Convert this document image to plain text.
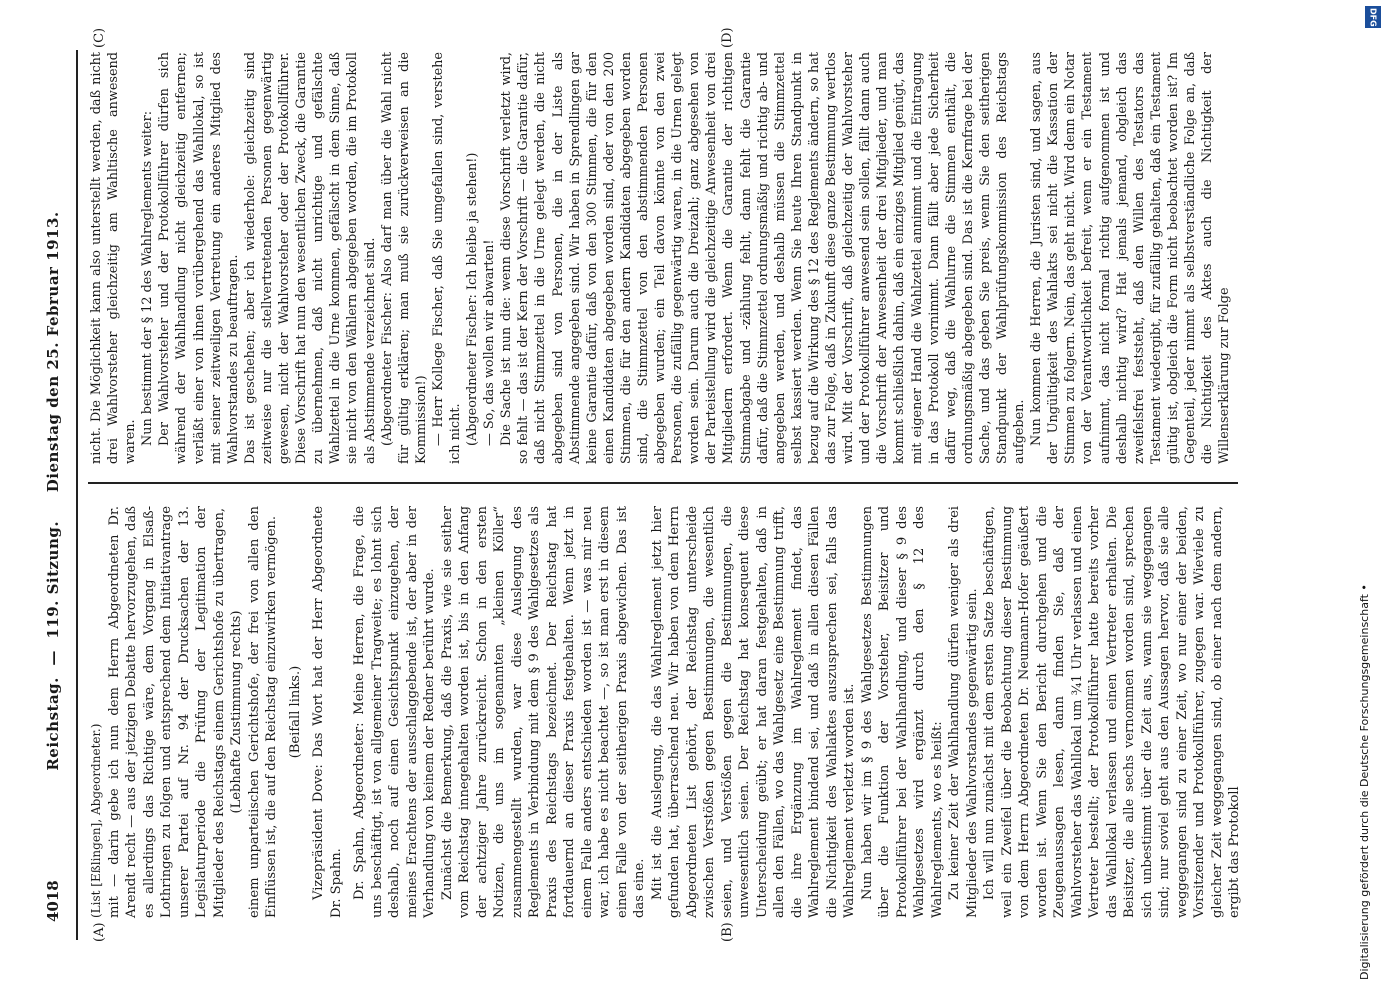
4018
Reichstag.  —  119. Sitzung.     Dienstag den 25. Februar 1913.
(A)	(B)
(C)	(D)

(List [Eßlingen], Abgeordneter.) mit — darin gebe ich nun dem Herrn Abgeordneten Dr. Arendt recht — aus der jetzigen Debatte hervorzugehen, daß es allerdings das Richtige wäre, dem Vorgang in Elsaß-Lothringen zu folgen und entsprechend dem Initiativantrage unserer Partei auf Nr. 94 der Drucksachen der 13. Legislaturperiode die Prüfung der Legitimation der Mitglieder des Reichstags einem Gerichtshofe zu übertragen, (Lebhafte Zustimmung rechts) einem unparteiischen Gerichtshofe, der frei von allen den Einflüssen ist, die auf den Reichstag einzuwirken vermögen. (Beifall links.) Vizepräsident Dove: Das Wort hat der Herr Abgeordnete Dr. Spahn. Dr. Spahn, Abgeordneter: Meine Herren, die Frage, die uns beschäftigt, ist von allgemeiner Tragweite; es lohnt sich deshalb, noch auf einen Gesichtspunkt einzugehen, der meines Erachtens der ausschlaggebende ist, der aber in der Verhandlung von keinem der Redner berührt wurde. Zunächst die Bemerkung, daß die Praxis, wie sie seither vom Reichstag innegehalten worden ist, bis in den Anfang der achtziger Jahre zurückreicht. Schon in den ersten Notizen, die uns im sogenannten „kleinen Köller“ zusammengestellt wurden, war diese Auslegung des Reglements in Verbindung mit dem § 9 des Wahlgesetzes als Praxis des Reichstags bezeichnet. Der Reichstag hat fortdauernd an dieser Praxis festgehalten. Wenn jetzt in einem Falle anders entschieden worden ist — was mir neu war, ich habe es nicht beachtet —, so ist man erst in diesem einen Falle von der seitherigen Praxis abgewichen. Das ist das eine. Mit ist die Auslegung, die das Wahlreglement jetzt hier gefunden hat, überraschend neu. Wir haben von dem Herrn Abgeordneten List gehört, der Reichstag unterscheide zwischen Verstößen gegen Bestimmungen, die wesentlich seien, und Verstößen gegen die Bestimmungen, die unwesentlich seien. Der Reichstag hat konsequent diese Unterscheidung geübt; er hat daran festgehalten, daß in allen den Fällen, wo das Wahlgesetz eine Bestimmung trifft, die ihre Ergänzung im Wahlreglement findet, das Wahlreglement bindend sei, und daß in allen diesen Fällen die Nichtigkeit des Wahlaktes auszusprechen sei, falls das Wahlreglement verletzt worden ist. Nun haben wir im § 9 des Wahlgesetzes Bestimmungen über die Funktion der Vorsteher, Beisitzer und Protokollführer bei der Wahlhandlung, und dieser § 9 des Wahlgesetzes wird ergänzt durch den § 12 des Wahlreglements, wo es heißt: Zu keiner Zeit der Wahlhandlung dürfen weniger als drei Mitglieder des Wahlvorstandes gegenwärtig sein. Ich will nun zunächst mit dem ersten Satze beschäftigen, weil ein Zweifel über die Beobachtung dieser Bestimmung von dem Herrn Abgeordneten Dr. Neumann-Hofer geäußert worden ist. Wenn Sie den Bericht durchgehen und die Zeugenaussagen lesen, dann finden Sie, daß der Wahlvorsteher das Wahllokal um ¾1 Uhr verlassen und einen Vertreter bestellt; der Protokollführer hatte bereits vorher das Wahllokal verlassen und einen Vertreter erhalten. Die Beisitzer, die alle sechs vernommen worden sind, sprechen sich unbestimmt über die Zeit aus, wann sie weggegangen sind; nur soviel geht aus den Aussagen hervor, daß sie alle weggegangen sind zu einer Zeit, wo nur einer der beiden, Vorsitzender und Protokollführer, zugegen war. Wieviele zu gleicher Zeit weggegangen sind, ob einer nach dem andern, ergibt das Protokoll

nicht. Die Möglichkeit kann also unterstellt werden, daß nicht drei Wahlvorsteher gleichzeitig am Wahltische anwesend waren. Nun bestimmt der § 12 des Wahlreglements weiter: Der Wahlvorsteher und der Protokollführer dürfen sich während der Wahlhandlung nicht gleichzeitig entfernen; verläßt einer von ihnen vorübergehend das Wahllokal, so ist mit seiner zeitweiligen Vertretung ein anderes Mitglied des Wahlvorstandes zu beauftragen. Das ist geschehen; aber ich wiederhole: gleichzeitig sind zeitweise nur die stellvertretenden Personen gegenwärtig gewesen, nicht der Wahlvorsteher oder der Protokollführer. Diese Vorschrift hat nun den wesentlichen Zweck, die Garantie zu übernehmen, daß nicht unrichtige und gefälschte Wahlzettel in die Urne kommen, gefälscht in dem Sinne, daß sie nicht von den Wählern abgegeben worden, die im Protokoll als Abstimmende verzeichnet sind. (Abgeordneter Fischer: Also darf man über die Wahl nicht für gültig erklären; man muß sie zurückverweisen an die Kommission!) — Herr Kollege Fischer, daß Sie umgefallen sind, verstehe ich nicht. (Abgeordneter Fischer: Ich bleibe ja stehen!) — So, das wollen wir abwarten! Die Sache ist nun die: wenn diese Vorschrift verletzt wird, so fehlt — das ist der Kern der Vorschrift — die Garantie dafür, daß nicht Stimmzettel in die Urne gelegt werden, die nicht abgegeben sind von Personen, die in der Liste als Abstimmende angegeben sind. Wir haben in Sprendlingen gar keine Garantie dafür, daß von den 300 Stimmen, die für den einen Kandidaten abgegeben worden sind, oder von den 200 Stimmen, die für den andern Kandidaten abgegeben worden sind, die Stimmzettel von den abstimmenden Personen abgegeben wurden; ein Teil davon könnte von den zwei Personen, die zufällig gegenwärtig waren, in die Urnen gelegt worden sein. Darum auch die Dreizahl; ganz abgesehen von der Parteistellung wird die gleichzeitige Anwesenheit von drei Mitgliedern erfordert. Wenn die Garantie der richtigen Stimmabgabe und -zählung fehlt, dann fehlt die Garantie dafür, daß die Stimmzettel ordnungsmäßig und richtig ab- und angegeben werden, und deshalb müssen die Stimmzettel selbst kassiert werden. Wenn Sie heute Ihren Standpunkt in bezug auf die Wirkung des § 12 des Reglements ändern, so hat das zur Folge, daß in Zukunft diese ganze Bestimmung wertlos wird. Mit der Vorschrift, daß gleichzeitig der Wahlvorsteher und der Protokollführer anwesend sein sollen, fällt dann auch die Vorschrift der Anwesenheit der drei Mitglieder, und man kommt schließlich dahin, daß ein einziges Mitglied genügt, das mit eigener Hand die Wahlzettel annimmt und die Eintragung in das Protokoll vornimmt. Dann fällt aber jede Sicherheit dafür weg, daß die Wahlurne die Stimmen enthält, die ordnungsmäßig abgegeben sind. Das ist die Kernfrage bei der Sache, und das geben Sie preis, wenn Sie den seitherigen Standpunkt der Wahlprüfungskommission des Reichstags aufgeben. Nun kommen die Herren, die Juristen sind, und sagen, aus der Ungültigkeit des Wahlakts sei nicht die Kassation der Stimmen zu folgern. Nein, das geht nicht. Wird denn ein Notar von der Verantwortlichkeit befreit, wenn er ein Testament aufnimmt, das nicht formal richtig aufgenommen ist und deshalb nichtig wird? Hat jemals jemand, obgleich das zweifelsfrei feststeht, daß den Willen des Testators das Testament wiedergibt, für zufällig gehalten, daß ein Testament gültig ist, obgleich die Form nicht beobachtet worden ist? Im Gegenteil, jeder nimmt als selbstverständliche Folge an, daß die Nichtigkeit des Aktes auch die Nichtigkeit der Willenserklärung zur Folge

DFG
Digitalisierung gefördert durch die Deutsche Forschungsgemeinschaft •
